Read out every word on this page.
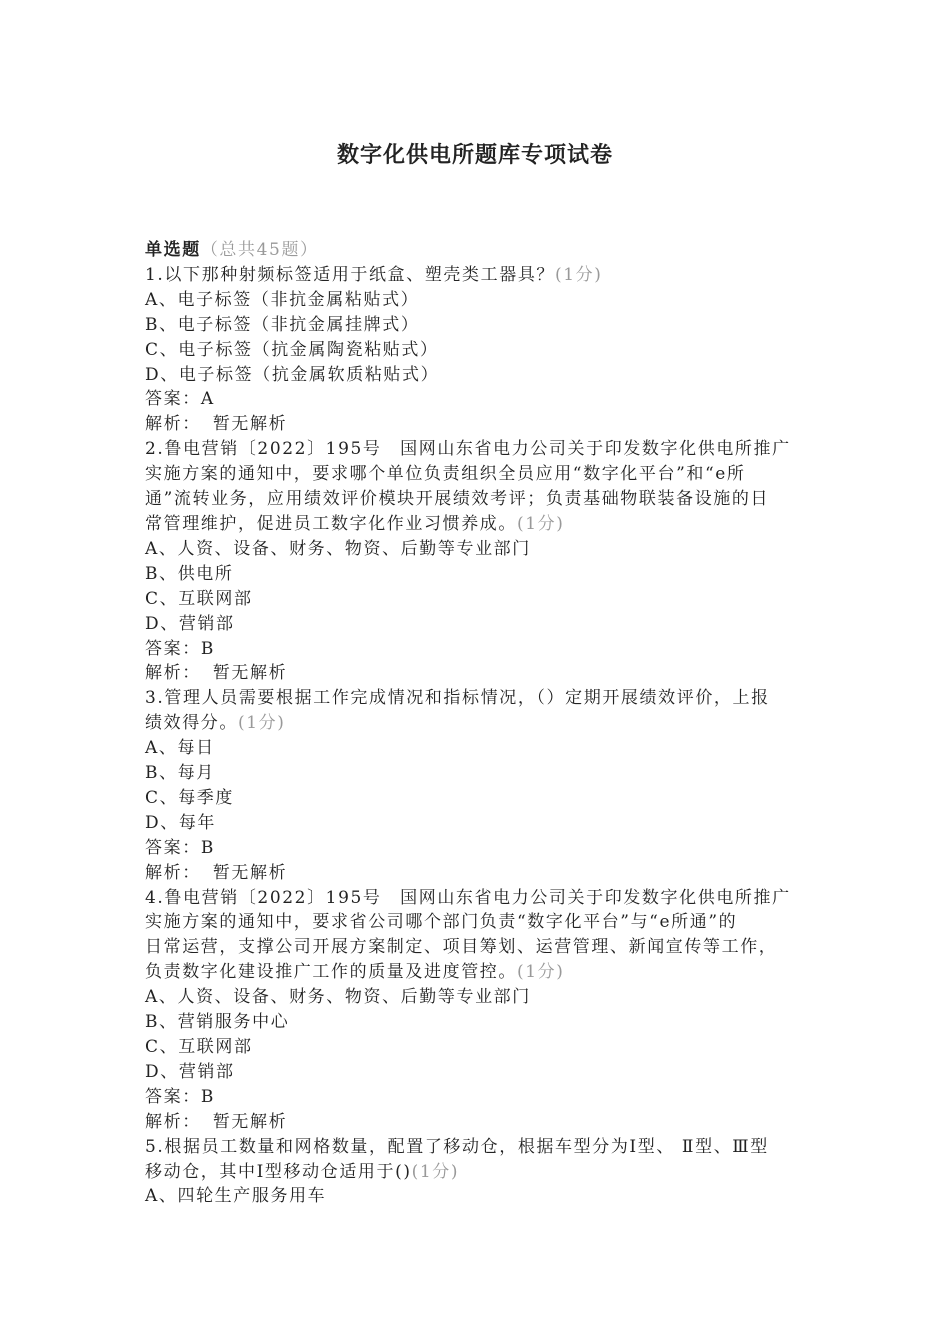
数字化供电所题库专项试卷
单选题（总共45题）
1.以下那种射频标签适用于纸盒、塑壳类工器具？(1分)
A、电子标签（非抗金属粘贴式）
B、电子标签（非抗金属挂牌式）
C、电子标签（抗金属陶瓷粘贴式）
D、电子标签（抗金属软质粘贴式）
答案：A
解析： 暂无解析
2.鲁电营销〔2022〕195号　国网山东省电力公司关于印发数字化供电所推广
实施方案的通知中，要求哪个单位负责组织全员应用“数字化平台”和“e所
通”流转业务，应用绩效评价模块开展绩效考评；负责基础物联装备设施的日
常管理维护，促进员工数字化作业习惯养成。(1分)
A、人资、设备、财务、物资、后勤等专业部门
B、供电所
C、互联网部
D、营销部
答案：B
解析： 暂无解析
3.管理人员需要根据工作完成情况和指标情况，（）定期开展绩效评价，上报
绩效得分。(1分)
A、每日
B、每月
C、每季度
D、每年
答案：B
解析： 暂无解析
4.鲁电营销〔2022〕195号　国网山东省电力公司关于印发数字化供电所推广
实施方案的通知中，要求省公司哪个部门负责“数字化平台”与“e所通”的
日常运营，支撑公司开展方案制定、项目筹划、运营管理、新闻宣传等工作，
负责数字化建设推广工作的质量及进度管控。(1分)
A、人资、设备、财务、物资、后勤等专业部门
B、营销服务中心
C、互联网部
D、营销部
答案：B
解析： 暂无解析
5.根据员工数量和网格数量，配置了移动仓，根据车型分为Ⅰ型、 Ⅱ型、Ⅲ型
移动仓，其中Ⅰ型移动仓适用于()(1分)
A、四轮生产服务用车
